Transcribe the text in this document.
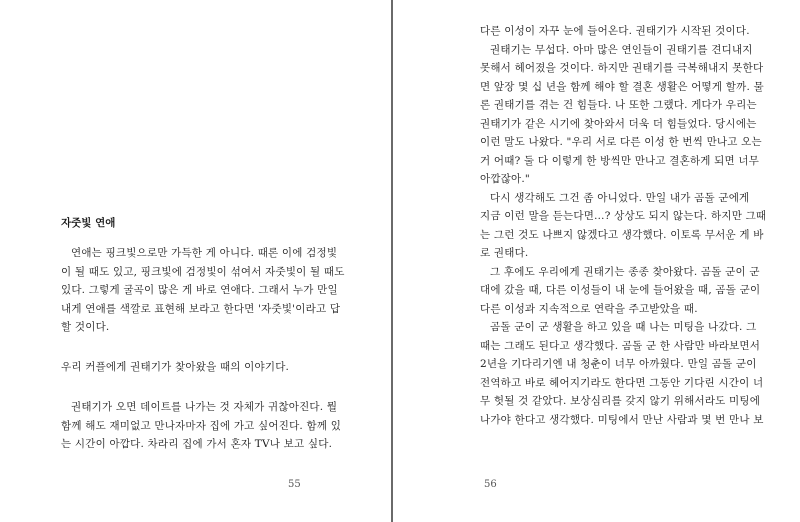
자줏빛 연애
연애는 핑크빛으로만 가득한 게 아니다. 때론 이에 검정빛
이 될 때도 있고, 핑크빛에 검정빛이 섞여서 자줏빛이 될 때도
있다. 그렇게 굴곡이 많은 게 바로 연애다. 그래서 누가 만일
내게 연애를 색깔로 표현해 보라고 한다면 '자줏빛'이라고 답
할 것이다.
우리 커플에게 권태기가 찾아왔을 때의 이야기다.
권태기가 오면 데이트를 나가는 것 자체가 귀찮아진다. 뭘
함께 해도 재미없고 만나자마자 집에 가고 싶어진다. 함께 있
는 시간이 아깝다. 차라리 집에 가서 혼자 TV나 보고 싶다.
55
다른 이성이 자꾸 눈에 들어온다. 권태기가 시작된 것이다.
권태기는 무섭다. 아마 많은 연인들이 권태기를 견디내지
못해서 헤어졌을 것이다. 하지만 권태기를 극복해내지 못한다
면 앞장 몇 십 년을 함께 해야 할 결혼 생활은 어떻게 할까. 물
론 권태기를 겪는 건 힘들다. 나 또한 그랬다. 게다가 우리는
권태기가 같은 시기에 찾아와서 더욱 더 힘들었다. 당시에는
이런 말도 나왔다. "우리 서로 다른 이성 한 번씩 만나고 오는
거 어때? 둘 다 이렇게 한 방씩만 만나고 결혼하게 되면 너무
아깝잖아."
다시 생각해도 그건 좀 아니었다. 만일 내가 곰돌 군에게
지금 이런 말을 듣는다면…? 상상도 되지 않는다. 하지만 그때
는 그런 것도 나쁘지 않겠다고 생각했다. 이토록 무서운 게 바
로 권태다.
그 후에도 우리에게 권태기는 종종 찾아왔다. 곰돌 군이 군
대에 갔을 때, 다른 이성들이 내 눈에 들어왔을 때, 곰돌 군이
다른 이성과 지속적으로 연락을 주고받았을 때.
곰돌 군이 군 생활을 하고 있을 때 나는 미팅을 나갔다. 그
때는 그래도 된다고 생각했다. 곰돌 군 한 사람만 바라보면서
2년을 기다리기엔 내 청춘이 너무 아까웠다. 만일 곰돌 군이
전역하고 바로 헤어지기라도 한다면 그동안 기다린 시간이 너
무 헛될 것 같았다. 보상심리를 갖지 않기 위해서라도 미팅에
나가야 한다고 생각했다. 미팅에서 만난 사람과 몇 번 만나 보
56
